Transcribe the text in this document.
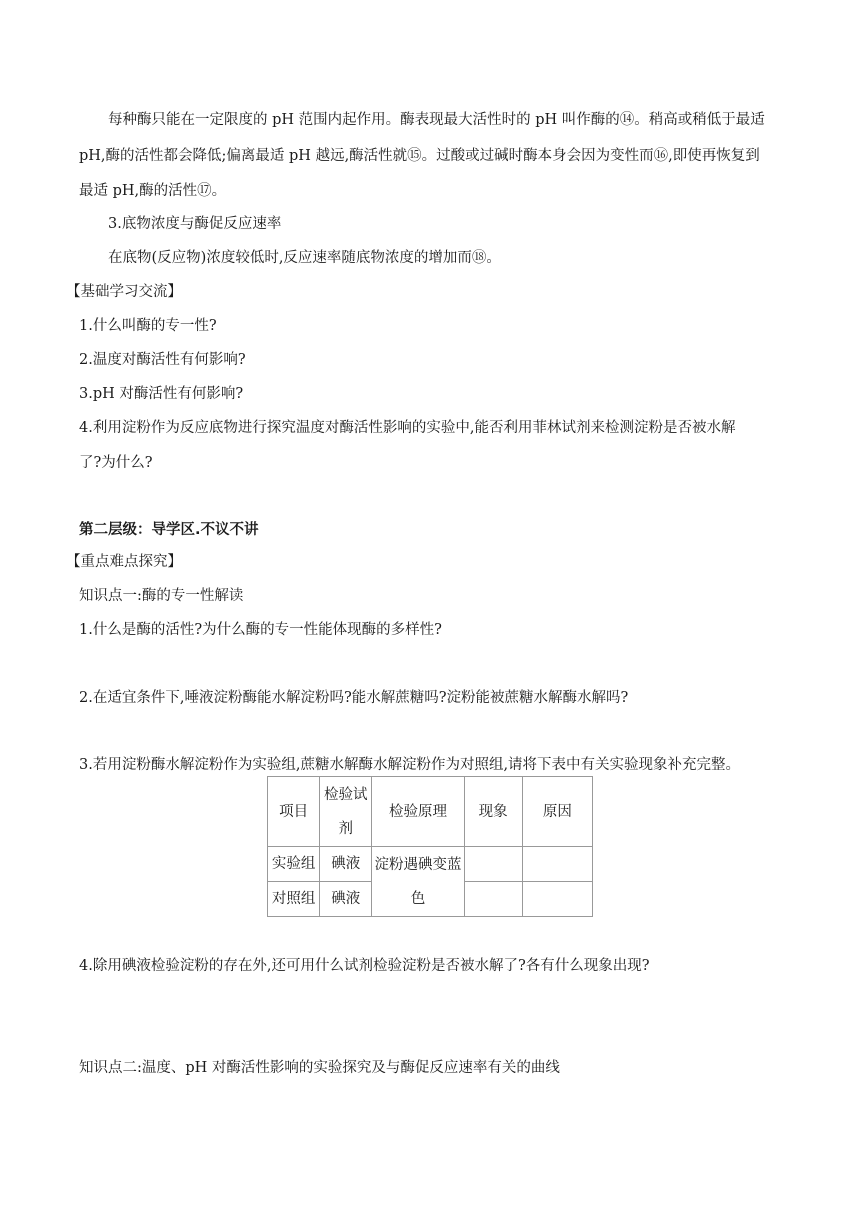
每种酶只能在一定限度的 pH 范围内起作用。酶表现最大活性时的 pH 叫作酶的⑭。稍高或稍低于最适
pH,酶的活性都会降低;偏离最适 pH 越远,酶活性就⑮。过酸或过碱时酶本身会因为变性而⑯,即使再恢复到
最适 pH,酶的活性⑰。
3.底物浓度与酶促反应速率
在底物(反应物)浓度较低时,反应速率随底物浓度的增加而⑱。
【基础学习交流】
1.什么叫酶的专一性?
2.温度对酶活性有何影响?
3.pH 对酶活性有何影响?
4.利用淀粉作为反应底物进行探究温度对酶活性影响的实验中,能否利用菲林试剂来检测淀粉是否被水解
了?为什么?
第二层级：导学区.不议不讲
【重点难点探究】
知识点一:酶的专一性解读
1.什么是酶的活性?为什么酶的专一性能体现酶的多样性?
2.在适宜条件下,唾液淀粉酶能水解淀粉吗?能水解蔗糖吗?淀粉能被蔗糖水解酶水解吗?
3.若用淀粉酶水解淀粉作为实验组,蔗糖水解酶水解淀粉作为对照组,请将下表中有关实验现象补充完整。
项目	检验试剂	检验原理	现象	原因
实验组	碘液	淀粉遇碘变蓝色		
对照组	碘液			
4.除用碘液检验淀粉的存在外,还可用什么试剂检验淀粉是否被水解了?各有什么现象出现?
知识点二:温度、pH 对酶活性影响的实验探究及与酶促反应速率有关的曲线
